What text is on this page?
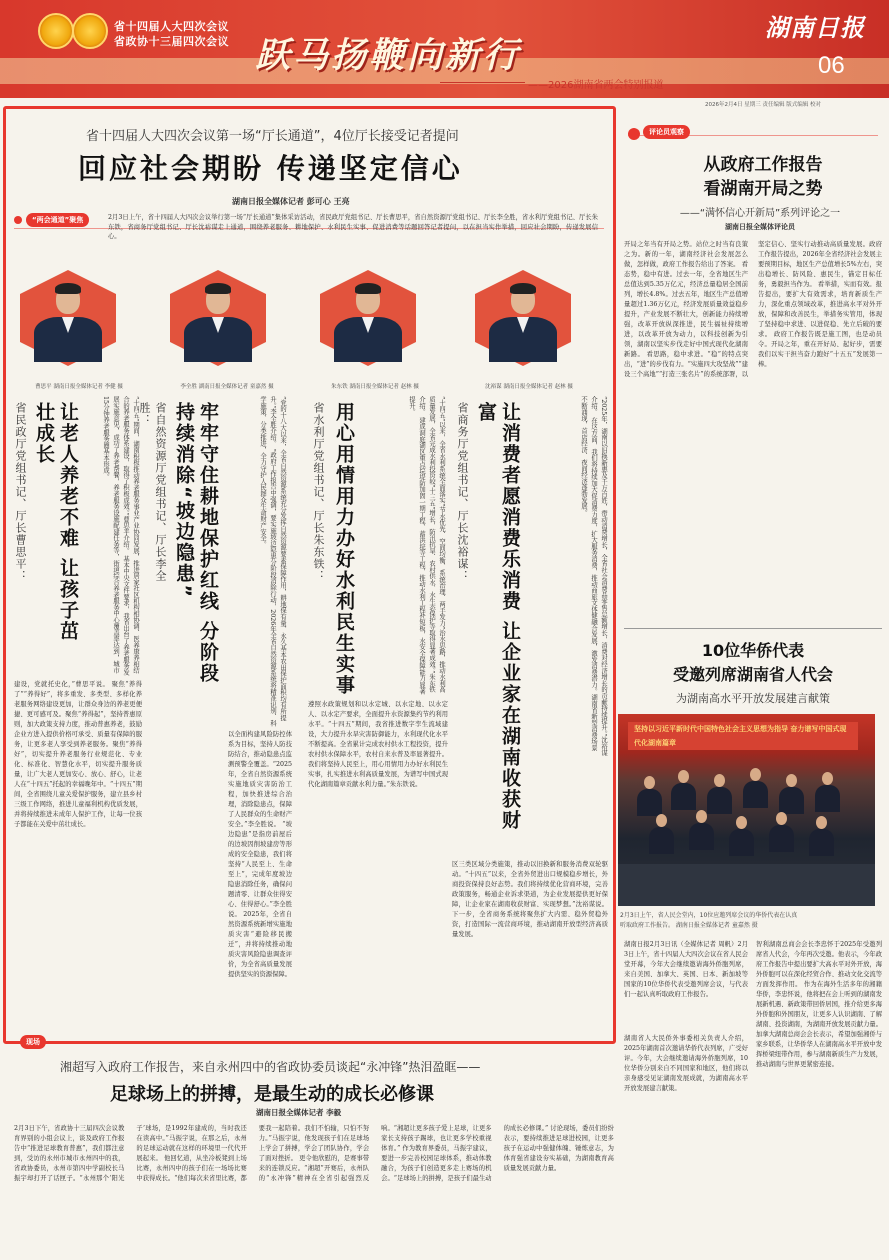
省十四届人大四次会议
省政协十三届四次会议 跃马扬鞭向新行
——2026湖南省两会特别报道
湖南日报
06
2026年2月4日 星期三 责任编辑 版式编辑 校对
省十四届人大四次会议第一场“厅长通道”，4位厅长接受记者提问
回应社会期盼 传递坚定信心
湖南日报全媒体记者 彭可心 王亮
“两会通道”聚焦	2月3日上午，省十四届人大四次会议举行第一场“厅长通道”集体采访活动，省民政厅党组书记、厅长曹思平，省自然资源厅党组书记、厅长李全胜，省水利厅党组书记、厅长朱东铁，省商务厅党组书记、厅长沈裕谋走上通道，围绕养老服务、耕地保护、水利民生实事、促进消费等话题回答记者提问，以在担当实作举措，回应社会期盼，传递发展信心。
曹思平 湖南日报全媒体记者 李健 摄	李全胜 湖南日报全媒体记者 童嘉然 摄	朱东铁 湖南日报全媒体记者 赵林 摄	沈裕谋 湖南日报全媒体记者 赵林 摄
省民政厅党组书记、厅长曹思平：	让老人养老不难 让孩子茁壮成长	“十四五”期间，湖南积极推动养老服务事业产业协同发展，推进居家社区机构相协调、医养康养相结合的养老服务体系建设，取得了积极成效。”曹思平介绍。 基本中央文件要求，我省出台了养老服务发展实施意见，成功了养老帮餐，养老服务设施配建任务等，街道综合养老服务中心覆盖率达到，城市15分钟养老服务圈基本形成。
建设，党就托史化，”曹思平说。 聚焦“养得了”“养得好”，将多重发、多类型、多样化养老服务网络建设更加，让群众身边的养老更便捷、更可感可及。聚焦“养得起”，坚持普惠原则，加大政策支持力度，推动普惠养老，鼓励企业方进入提供价格可承受、质量有保障的服务，让更多老人享受到养老服务。聚焦“养得好”，切实提升养老服务行业规范化、专业化、标准化、智慧化水平，切实提升服务质量，让广大老人更加安心、放心、舒心，让老人在“十四五”托起的幸福晚年中。“十四五”期间，全省围绕儿童关爱保护服务，建立县乡村三级工作网络，推进儿童福利机构优质发展，并将持续推进未成年人保护工作，让每一位孩子都能在关爱中茁壮成长。
省自然资源厅党组书记、厅长李全胜：	牢牢守住耕地保护红线 分阶段持续消除“坡边隐患”	“党的十八大以来，全省自然资源系统充分发挥自然资源要素保障作用，耕地保有量、永久基本农田保护面积均有所提升。”李全胜介绍。 “政府工作报告中强调，要实施坡边隐患分阶段消除行动，2026年全省自然资源系统将精准识别、科学施策、分类推进，全力守护人民群众生命财产安全。
以全面构建风险防控体系为目标，坚持人防技防结合，推动隐患点监测预警全覆盖。“2025年，全省自然资源系统实施地质灾害防治工程，加快推进综合治理，消除隐患点，保障了人民群众的生命财产安全。”李全胜说。 “坡边隐患”是指房前屋后的边坡因削坡建房等形成的安全隐患，我们将坚持“人民至上、生命至上”，完成年度坡边隐患消除任务，确保问题清零、让群众住得安心、住得舒心。”李全胜说。 2025年，全省自然资源系统新增实施地质灾害“避险移民搬迁”，并将持续推动地质灾害风险隐患调查评价，为全省高质量发展提供坚实的资源保障。
省水利厅党组书记、厅长朱东铁： 用心用情用力办好水利民生实事	“十四五”以来，全省水利系统全面落实“节水优先、空间均衡、系统治理、两手发力”治水思路，推动水利高质量发展，全省完成水利投资较“十三五”增长，防汛抗旱、农村供水、水生态保护等取得显著成效。”朱东铁介绍。 建成洞庭湖区重点垸堤防加固一期工程、蓄洪垸等工程，推动水利工程补短板，水安全保障能力显著提升。
遵照水政策规划和以水定城、以水定地、以水定人、以水定产要求，全面提升水资源集约节约利用水平。“十四五”期间，我省推进数字孪生流域建设，大力提升水旱灾害防御能力，水利现代化水平不断提高。全省累计完成农村供水工程投资，提升农村供水保障水平，农村自来水普及率显著提升。我们将坚持人民至上，用心用情用力办好水利民生实事，扎实推进水利高质量发展，为谱写中国式现代化湖南篇章贡献水利力量。”朱东铁说。
省商务厅党组书记、厅长沈裕谋：	让消费者愿消费乐消费 让企业家在湖南收获财富	“2025年，湖南以旧换新惠及千万百姓，带动消费增长，全省社会消费品零售总额增长，消费对经济增长的贡献持续提升。”沈裕谋介绍。 在这方面，我们将持续加大促消费力度，扩大服务消费，推动商旅文体健融合发展，激发消费潜力。湖南省新型消费场景不断涌现，首店经济、夜间经济蓬勃发展。
区三类区域分类施策，推动以旧换新和服务消费双轮驱动。“十四五”以来，全省外贸进出口规模稳步增长，外商投资保持良好态势。我们将持续优化营商环境，完善政策服务，畅通企业诉求渠道，为企业发展提供更好保障，让企业家在湖南收获财富、实现梦想。”沈裕谋说。 下一步，全省商务系统将聚焦扩大内需、稳外贸稳外资，打造国际一流营商环境，推动湖南开放型经济高质量发展。
评论员观察
从政府工作报告
看湖南开局之势
——“满怀信心开新局”系列评论之一
湖南日报全媒体评论员
开局之年当有开局之势。站位之时当有良策之为。新的一年，湖南经济社会发展怎么做，怎样做，政府工作报告给出了答案。 看态势，稳中有进。过去一年，全省地区生产总值达到5.35万亿元，经济总量稳居全国前列，增长4.8%。过去五年，地区生产总值增量超过1.36万亿元，经济发展质量效益稳步提升，产业发展不断壮大，创新能力持续增强，改革开放纵深推进，民生福祉持续增进，以改革开放为动力，以科技创新为引领，湖南以坚实步伐走好中国式现代化湖南新路。 看思路，稳中求进。“稳”的特点突出，“进”的步伐有力。“实施四大攻坚战”“建设三个高地”“打造三张名片”的系统部署，以坚定信心、坚实行动推动高质量发展。政府工作报告提出，2026年全省经济社会发展主要预期目标，地区生产总值增长5%左右，突出稳增长、防风险、惠民生，锚定目标任务，勇毅担当作为。 看举措，实而有效。报告提出，要扩大有效需求，培育新质生产力，深化重点领域改革，推进高水平对外开放，保障和改善民生，举措务实管用，体现了坚持稳中求进、以进促稳、先立后破的要求。 政府工作报告既是施工图，也是动员令。开局之年，重在开好局、起好步，需要我们以实干担当奋力跑好“十五五”发展第一棒。
10位华侨代表
受邀列席湖南省人代会
为湖南高水平开放发展建言献策
坚持以习近平新时代中国特色社会主义思想为指导 奋力谱写中国式现代化湖南篇章
2月3日上午，省人民会堂内，10位应邀列席会议的华侨代表在认真
听取政府工作报告。 湖南日报全媒体记者 童嘉然 摄
湖南日报2月3日讯（全媒体记者 周帆）2月3日上午，省十四届人大四次会议在省人民会堂开幕，今年大会继续邀请海外侨胞列席，来自美国、加拿大、英国、日本、新加坡等国家的10位华侨代表受邀列席会议，与代表们一起认真听取政府工作报告。
湖南省人大民侨外事委相关负责人介绍，2025年湖南首次邀请华侨代表列席，广受好评。今年，大会继续邀请海外侨胞列席，10位华侨分别来自不同国家和地区，他们将以亲身感受见证湖南发展成就，为湖南高水平开放发展建言献策。
智利湖南总商会会长李忠怀于2025年受邀列席省人代会，今年再次受邀。他表示，今年政府工作报告中提出要扩大高水平对外开放，海外侨胞可以在深化经贸合作、推动文化交流等方面发挥作用。 作为在海外生活多年的湘籍华侨，李忠怀说，他将把在会上听到的湖南发展新机遇、新政策带回侨居国，推介给更多海外侨胞和外国朋友，让更多人认识湖南、了解湖南、投资湖南，为湖南开放发展贡献力量。 加拿大湖南总商会会长表示，希望加强湘侨与家乡联系，让华侨华人在湖南高水平开放中发挥桥梁纽带作用，参与湖南新质生产力发展，推动湖南与世界更紧密连接。
现场
湘超写入政府工作报告，来自永州四中的省政协委员谈起“永冲锋”热泪盈眶——
足球场上的拼搏，是最生动的成长必修课
湖南日报全媒体记者 李毅
2月3日下午，省政协十三届四次会议教育界别的小组会议上，谈及政府工作报告中“推进足球教育普惠”，我们都注意到，受访的永州市城市永州四中的我，省政协委员，永州市第四中学副校长马振宇却打开了话匣子。“永州那个‘阳光子’球场，是1992年建成的，当时我还在读高中。”马振宇说，在那之后，永州的足球运动就在这样的环境里一代代开展起来。 他回忆道，从坐冷板凳到上场比赛，永州四中的孩子们在一场场比赛中获得成长。“他们每次来省里比赛，都要我一起陪着。我们不怕输，只怕不努力。”马振宇说，他发现孩子们在足球场上学会了拼搏，学会了团队协作，学会了面对挫折。 更令他欣慰的，是赛事带来的连锁反应。“湘超”开赛后，永州队的“永冲锋”精神在全省引起强烈反响。“湘超让更多孩子爱上足球，让更多家长支持孩子踢球，也让更多学校重视体育。” 作为教育界委员，马振宇建议，要进一步完善校园足球体系，推动体教融合，为孩子们创造更多走上赛场的机会。“足球场上的拼搏，是孩子们最生动的成长必修课。” 讨论现场，委员们纷纷表示，要持续推进足球进校园，让更多孩子在运动中强健体魄、锤炼意志，为体育强省建设夯实基础，为湖南教育高质量发展贡献力量。
